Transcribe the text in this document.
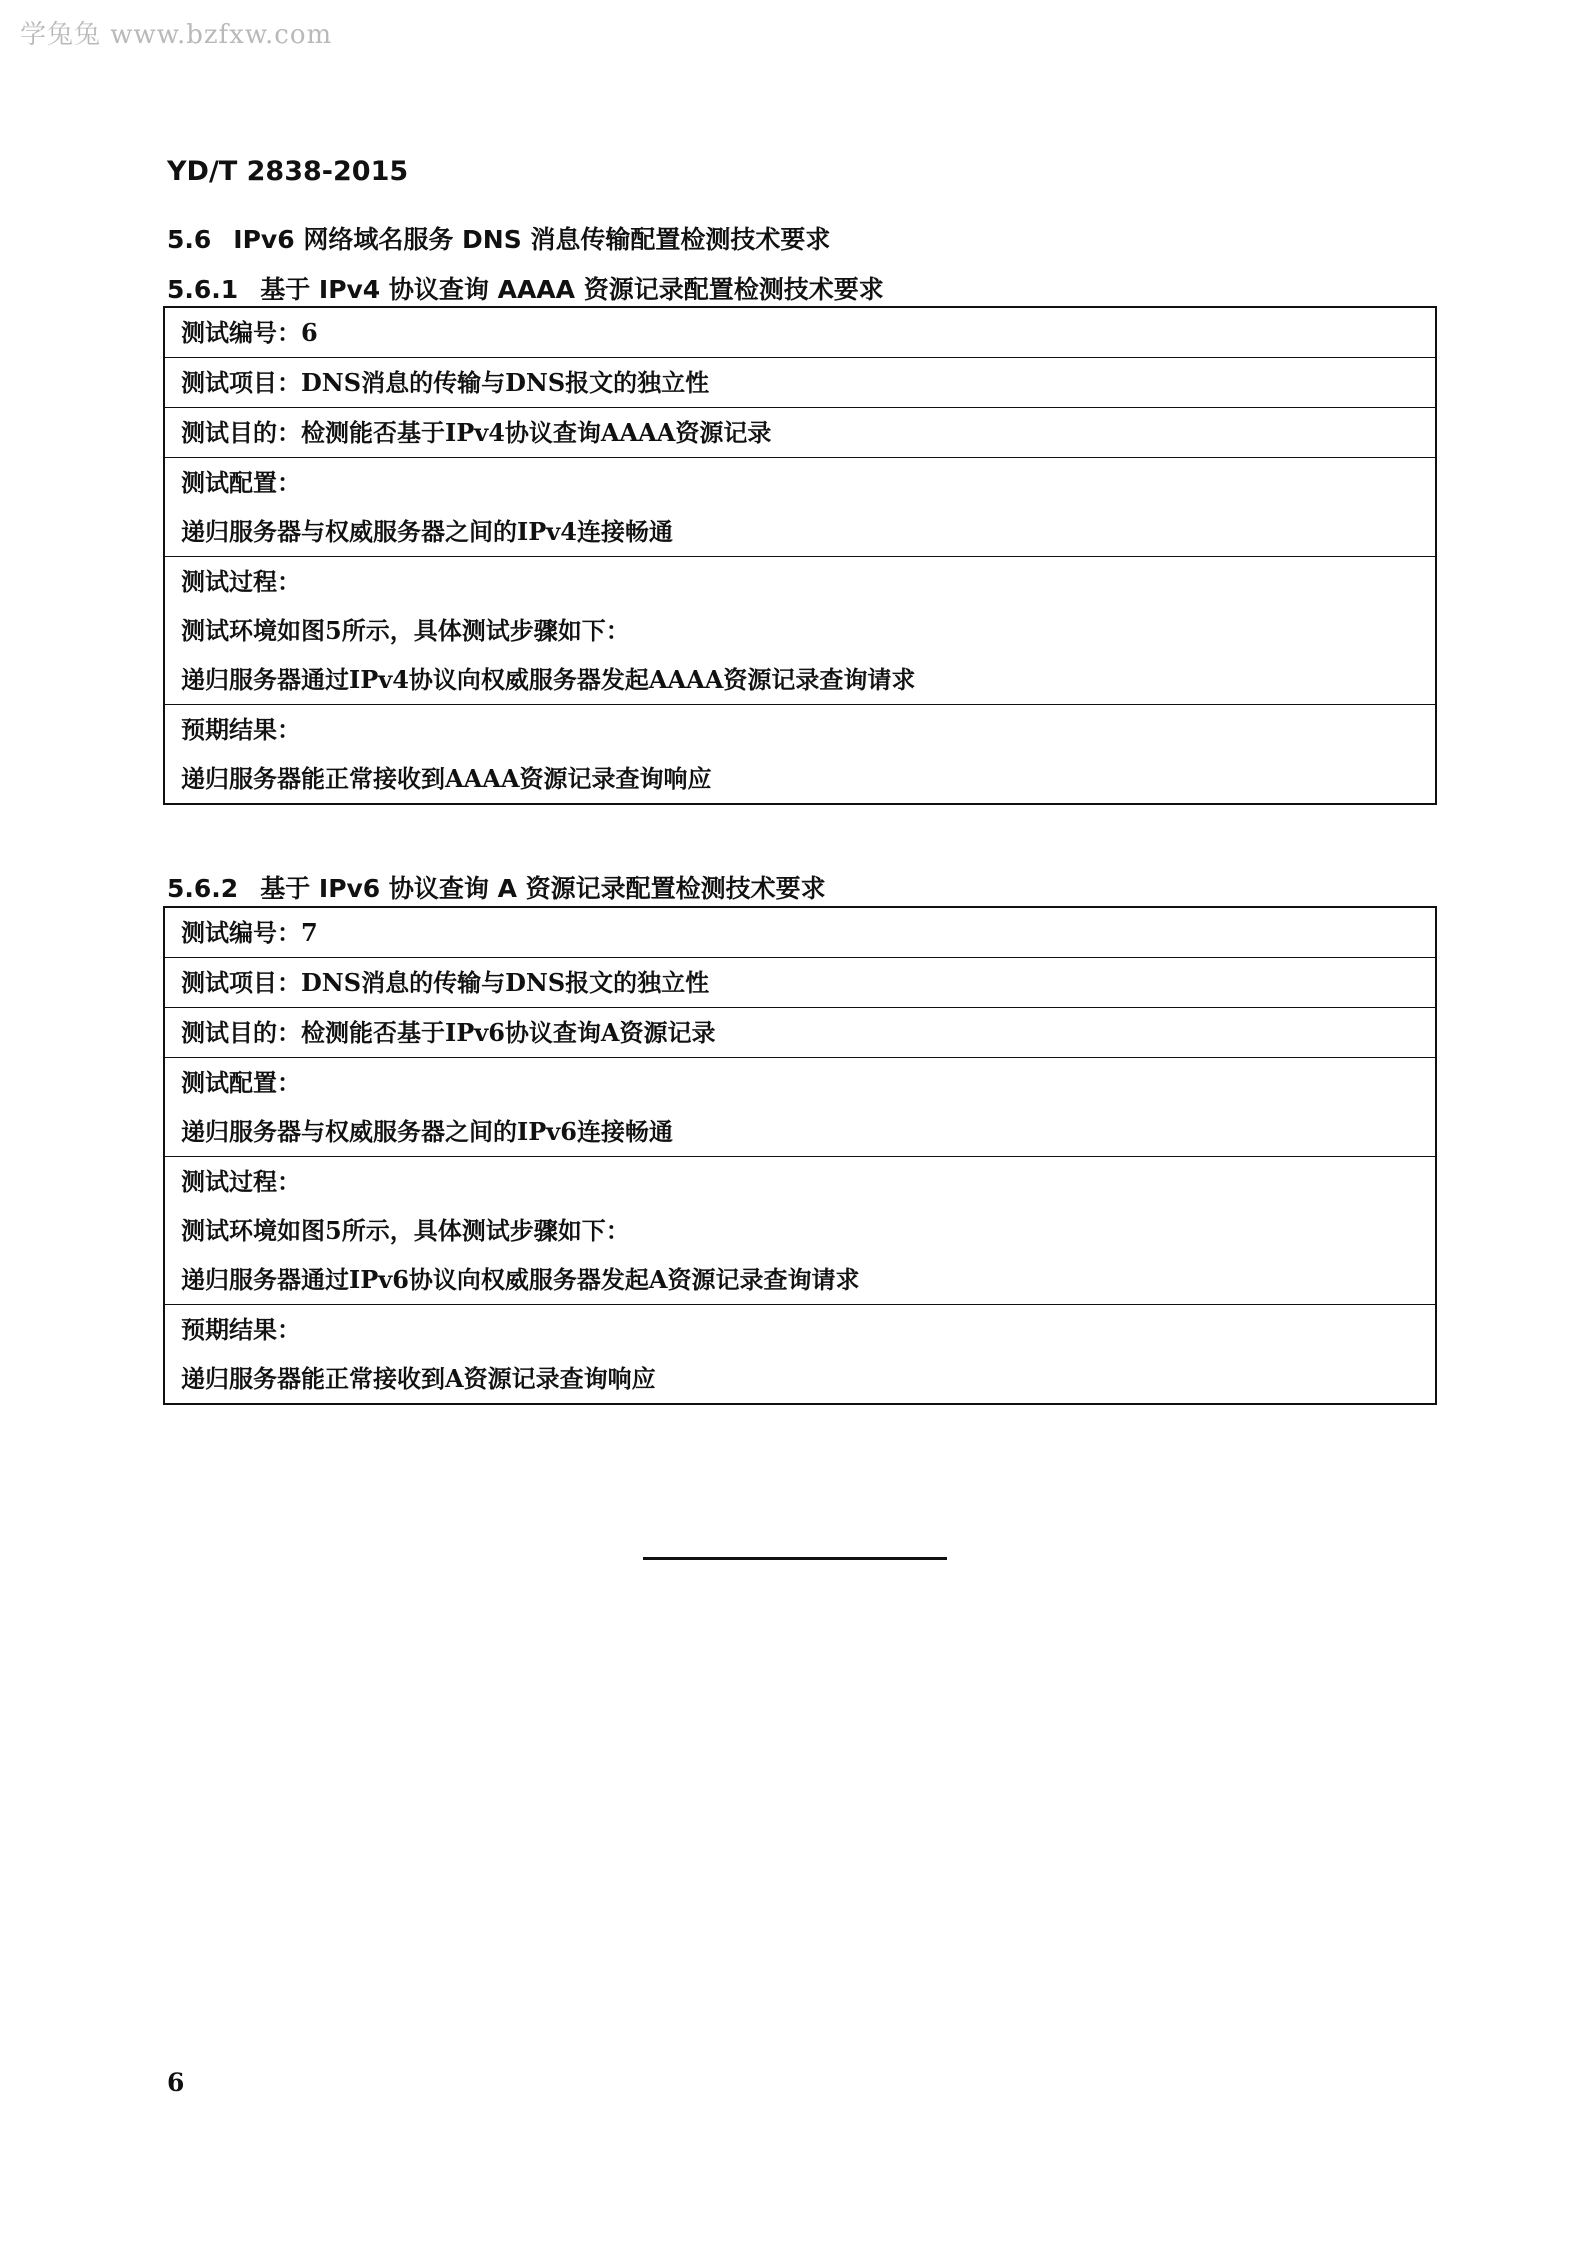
学兔兔 www.bzfxw.com
YD/T 2838-2015
5.6 IPv6 网络域名服务 DNS 消息传输配置检测技术要求
5.6.1 基于 IPv4 协议查询 AAAA 资源记录配置检测技术要求
测试编号：6
测试项目：DNS消息的传输与DNS报文的独立性
测试目的：检测能否基于IPv4协议查询AAAA资源记录
测试配置：
递归服务器与权威服务器之间的IPv4连接畅通
测试过程：
测试环境如图5所示，具体测试步骤如下：
递归服务器通过IPv4协议向权威服务器发起AAAA资源记录查询请求
预期结果：
递归服务器能正常接收到AAAA资源记录查询响应
5.6.2 基于 IPv6 协议查询 A 资源记录配置检测技术要求
测试编号：7
测试项目：DNS消息的传输与DNS报文的独立性
测试目的：检测能否基于IPv6协议查询A资源记录
测试配置：
递归服务器与权威服务器之间的IPv6连接畅通
测试过程：
测试环境如图5所示，具体测试步骤如下：
递归服务器通过IPv6协议向权威服务器发起A资源记录查询请求
预期结果：
递归服务器能正常接收到A资源记录查询响应
6
